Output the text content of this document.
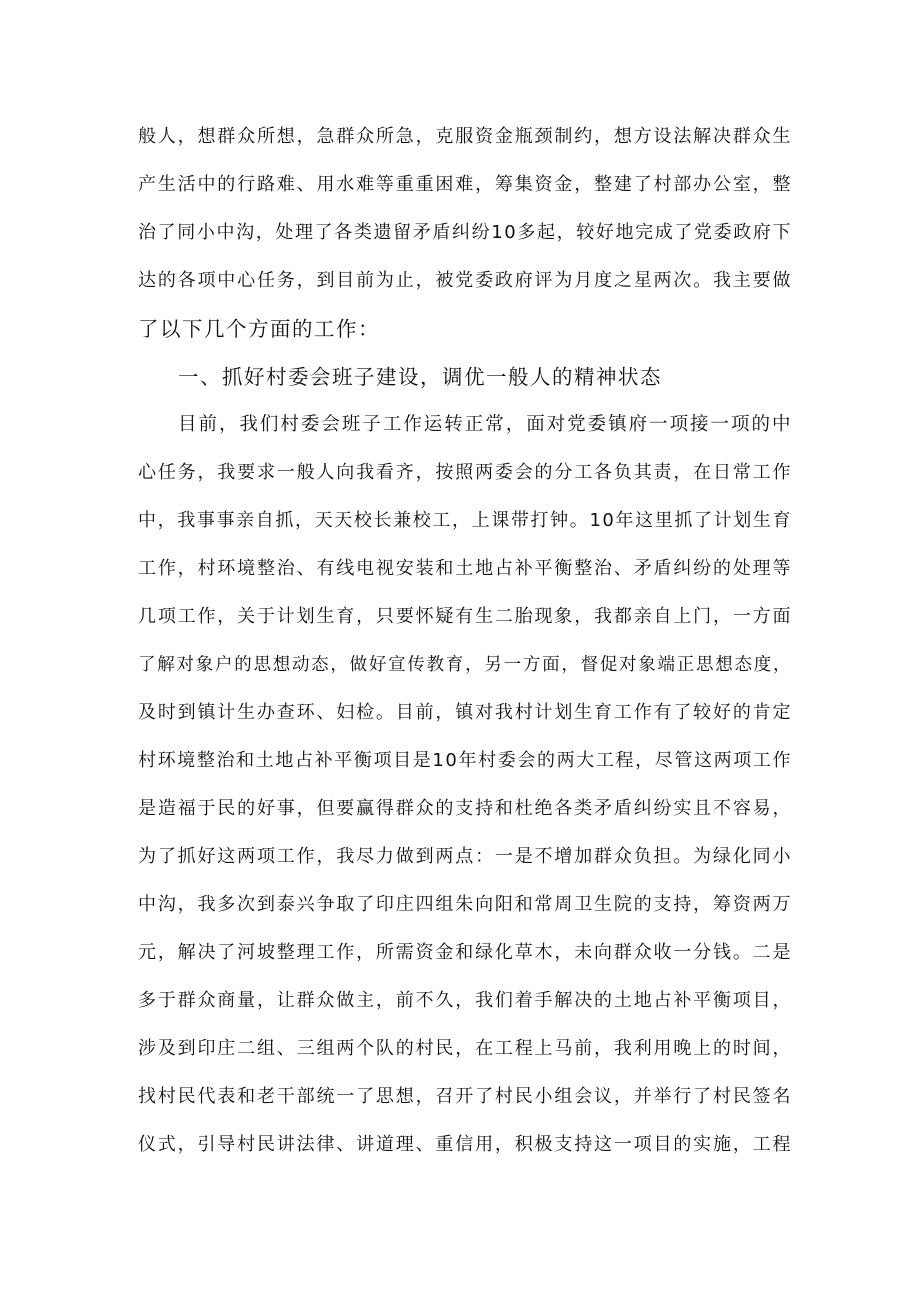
般人，想群众所想，急群众所急，克服资金瓶颈制约，想方设法解决群众生

产生活中的行路难、用水难等重重困难，筹集资金，整建了村部办公室，整

治了同小中沟，处理了各类遗留矛盾纠纷10多起，较好地完成了党委政府下

达的各项中心任务，到目前为止，被党委政府评为月度之星两次。我主要做

了以下几个方面的工作：

一、抓好村委会班子建设，调优一般人的精神状态

目前，我们村委会班子工作运转正常，面对党委镇府一项接一项的中

心任务，我要求一般人向我看齐，按照两委会的分工各负其责，在日常工作

中，我事事亲自抓，天天校长兼校工，上课带打钟。10年这里抓了计划生育

工作，村环境整治、有线电视安装和土地占补平衡整治、矛盾纠纷的处理等

几项工作，关于计划生育，只要怀疑有生二胎现象，我都亲自上门，一方面

了解对象户的思想动态，做好宣传教育，另一方面，督促对象端正思想态度，

及时到镇计生办查环、妇检。目前，镇对我村计划生育工作有了较好的肯定

村环境整治和土地占补平衡项目是10年村委会的两大工程，尽管这两项工作

是造福于民的好事，但要赢得群众的支持和杜绝各类矛盾纠纷实且不容易，

为了抓好这两项工作，我尽力做到两点：一是不增加群众负担。为绿化同小

中沟，我多次到泰兴争取了印庄四组朱向阳和常周卫生院的支持，筹资两万

元，解决了河坡整理工作，所需资金和绿化草木，未向群众收一分钱。二是

多于群众商量，让群众做主，前不久，我们着手解决的土地占补平衡项目，

涉及到印庄二组、三组两个队的村民，在工程上马前，我利用晚上的时间，

找村民代表和老干部统一了思想，召开了村民小组会议，并举行了村民签名

仪式，引导村民讲法律、讲道理、重信用，积极支持这一项目的实施，工程
